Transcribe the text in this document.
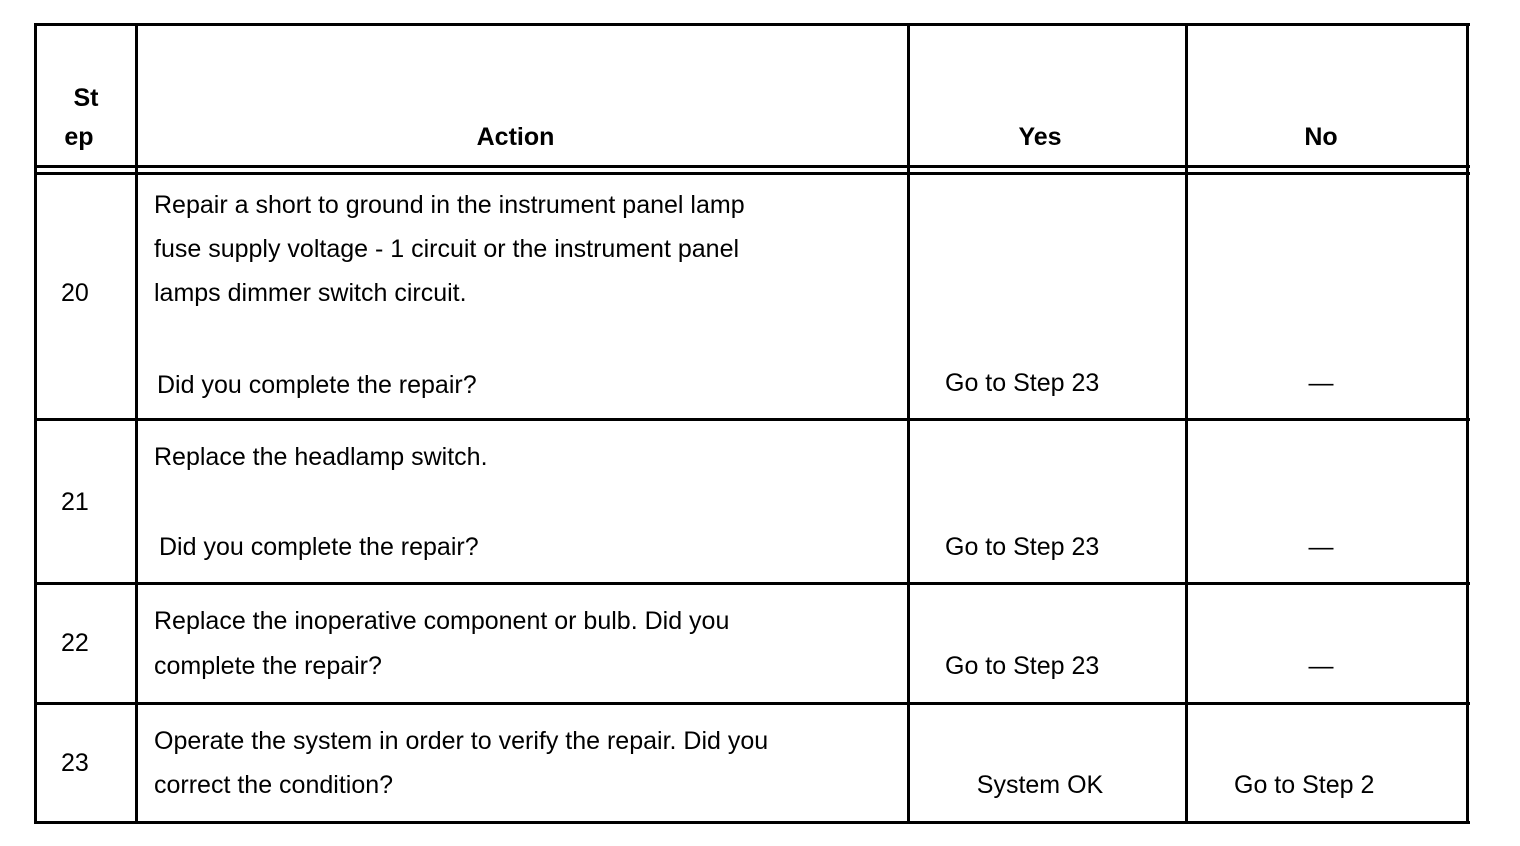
St
ep	Action	Yes	No
20
Repair a short to ground in the instrument panel lamp
fuse supply voltage - 1 circuit or the instrument panel
lamps dimmer switch circuit.
Did you complete the repair?	Go to Step 23	—
21
Replace the headlamp switch.
Did you complete the repair?	Go to Step 23	—
22
Replace the inoperative component or bulb. Did you
complete the repair?	Go to Step 23	—
23
Operate the system in order to verify the repair. Did you
correct the condition?	System OK	Go to Step 2
